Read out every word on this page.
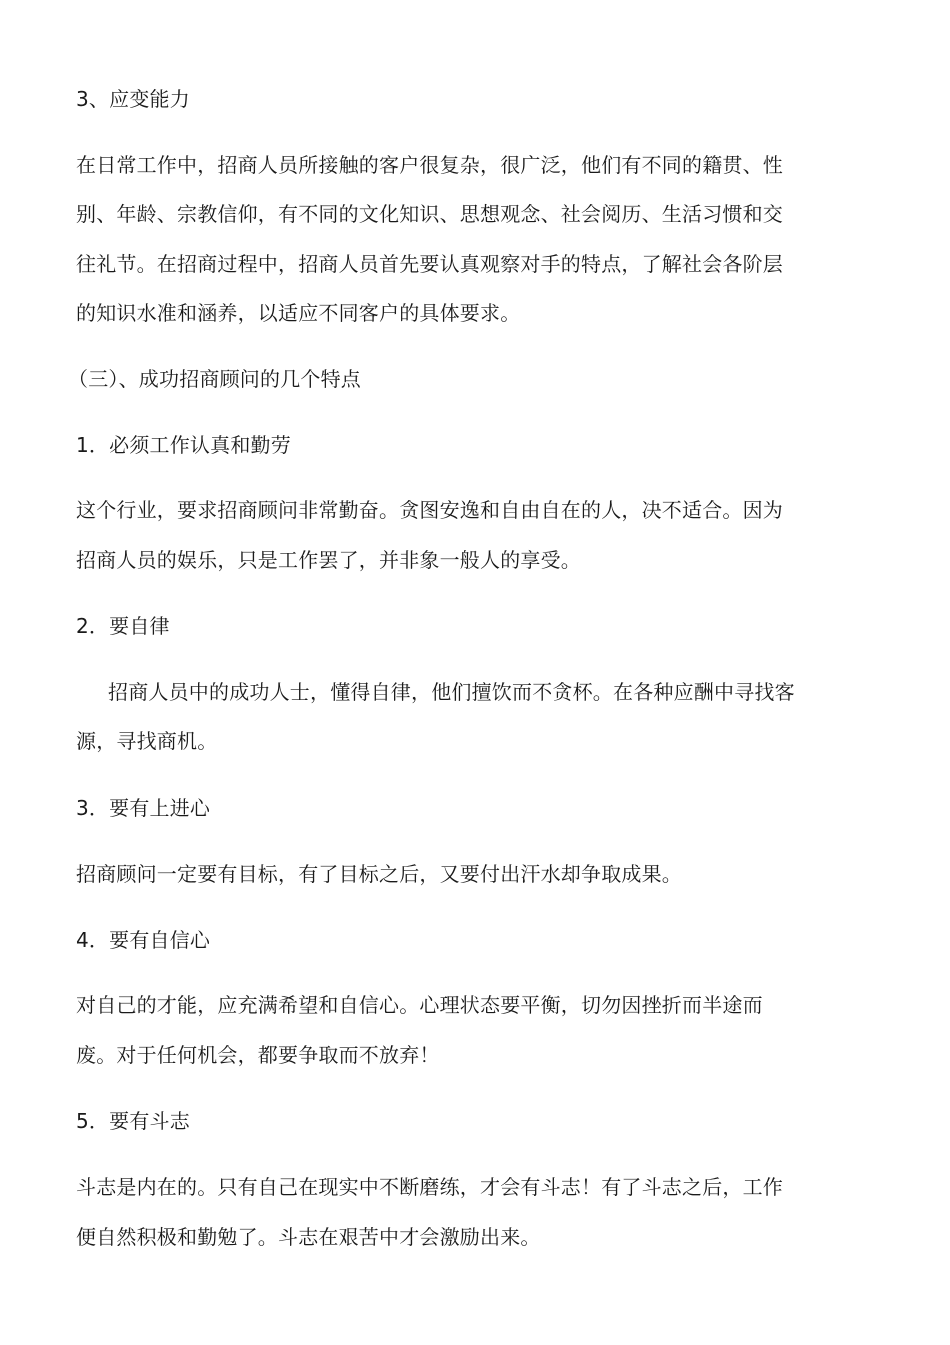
3、应变能力

在日常工作中，招商人员所接触的客户很复杂，很广泛，他们有不同的籍贯、性

别、年龄、宗教信仰，有不同的文化知识、思想观念、社会阅历、生活习惯和交

往礼节。在招商过程中，招商人员首先要认真观察对手的特点，了解社会各阶层

的知识水准和涵养，以适应不同客户的具体要求。

（三）、成功招商顾问的几个特点

1．必须工作认真和勤劳

这个行业，要求招商顾问非常勤奋。贪图安逸和自由自在的人，决不适合。因为

招商人员的娱乐，只是工作罢了，并非象一般人的享受。

2．要自律

招商人员中的成功人士，懂得自律，他们擅饮而不贪杯。在各种应酬中寻找客

源，寻找商机。

3．要有上进心

招商顾问一定要有目标，有了目标之后，又要付出汗水却争取成果。

4．要有自信心

对自己的才能，应充满希望和自信心。心理状态要平衡，切勿因挫折而半途而

废。对于任何机会，都要争取而不放弃！

5．要有斗志

斗志是内在的。只有自己在现实中不断磨练，才会有斗志！有了斗志之后，工作

便自然积极和勤勉了。斗志在艰苦中才会激励出来。
